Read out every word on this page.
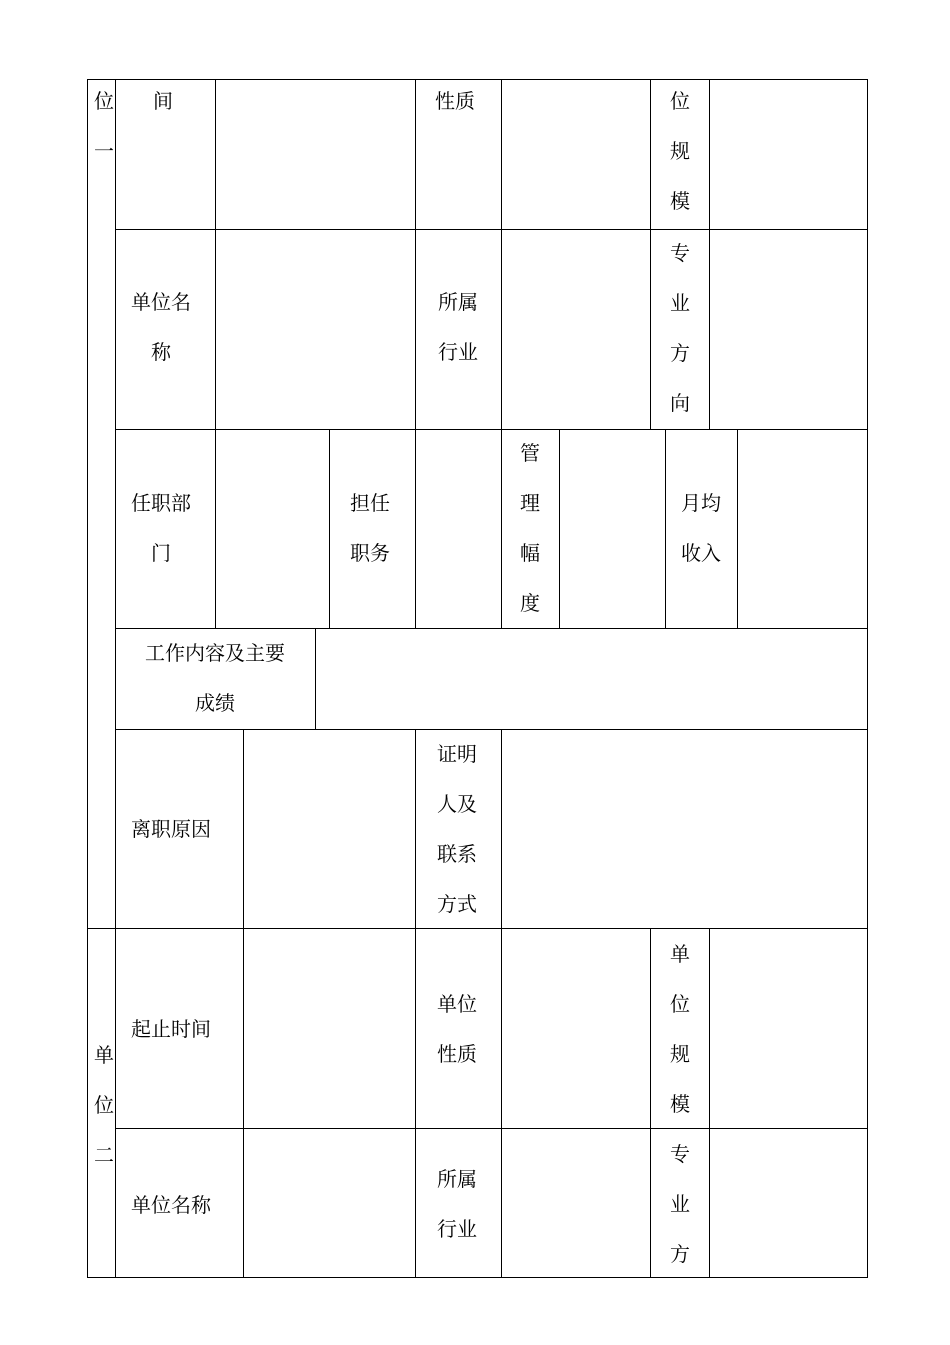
位
一
间	性质	位
规
模
单位名
称
所属
行业
专
业
方
向
任职部
门
担任
职务
管
理
幅
度
月均
收入
工作内容及主要
成绩
离职原因
证明
人及
联系
方式
单
位
二
起止时间
单位
性质
单
位
规
模
单位名称
所属
行业
专
业
方
